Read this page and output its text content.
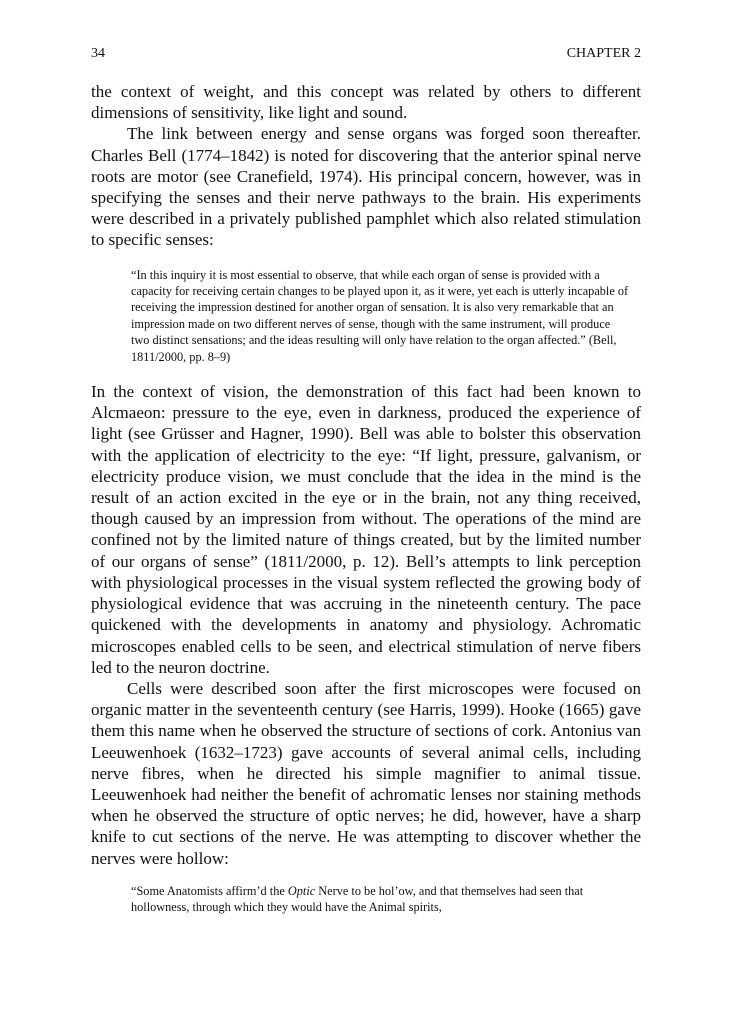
34	CHAPTER 2

the context of weight, and this concept was related by others to different dimensions of sensitivity, like light and sound.

The link between energy and sense organs was forged soon thereafter. Charles Bell (1774–1842) is noted for discovering that the anterior spinal nerve roots are motor (see Cranefield, 1974). His principal concern, however, was in specifying the senses and their nerve pathways to the brain. His experiments were described in a privately published pamphlet which also related stimulation to specific senses:

“In this inquiry it is most essential to observe, that while each organ of sense is provided with a capacity for receiving certain changes to be played upon it, as it were, yet each is utterly incapable of receiving the impression destined for another organ of sensation. It is also very remarkable that an impression made on two different nerves of sense, though with the same instrument, will produce two distinct sensations; and the ideas resulting will only have relation to the organ affected.” (Bell, 1811/2000, pp. 8–9)

In the context of vision, the demonstration of this fact had been known to Alcmaeon: pressure to the eye, even in darkness, produced the experience of light (see Grüsser and Hagner, 1990). Bell was able to bolster this observation with the application of electricity to the eye: “If light, pressure, galvanism, or electricity produce vision, we must conclude that the idea in the mind is the result of an action excited in the eye or in the brain, not any thing received, though caused by an impression from without. The operations of the mind are confined not by the limited nature of things created, but by the limited number of our organs of sense” (1811/2000, p. 12). Bell’s attempts to link perception with physiological processes in the visual system reflected the growing body of physiological evidence that was accruing in the nineteenth century. The pace quickened with the developments in anatomy and physiology. Achromatic microscopes enabled cells to be seen, and electrical stimulation of nerve fibers led to the neuron doctrine.

Cells were described soon after the first microscopes were focused on organic matter in the seventeenth century (see Harris, 1999). Hooke (1665) gave them this name when he observed the structure of sections of cork. Antonius van Leeuwenhoek (1632–1723) gave accounts of several animal cells, including nerve fibres, when he directed his simple magnifier to animal tissue. Leeuwenhoek had neither the benefit of achromatic lenses nor staining methods when he observed the structure of optic nerves; he did, however, have a sharp knife to cut sections of the nerve. He was attempting to discover whether the nerves were hollow:

“Some Anatomists affirm’d the Optic Nerve to be hol’ow, and that themselves had seen that hollowness, through which they would have the Animal spirits,
